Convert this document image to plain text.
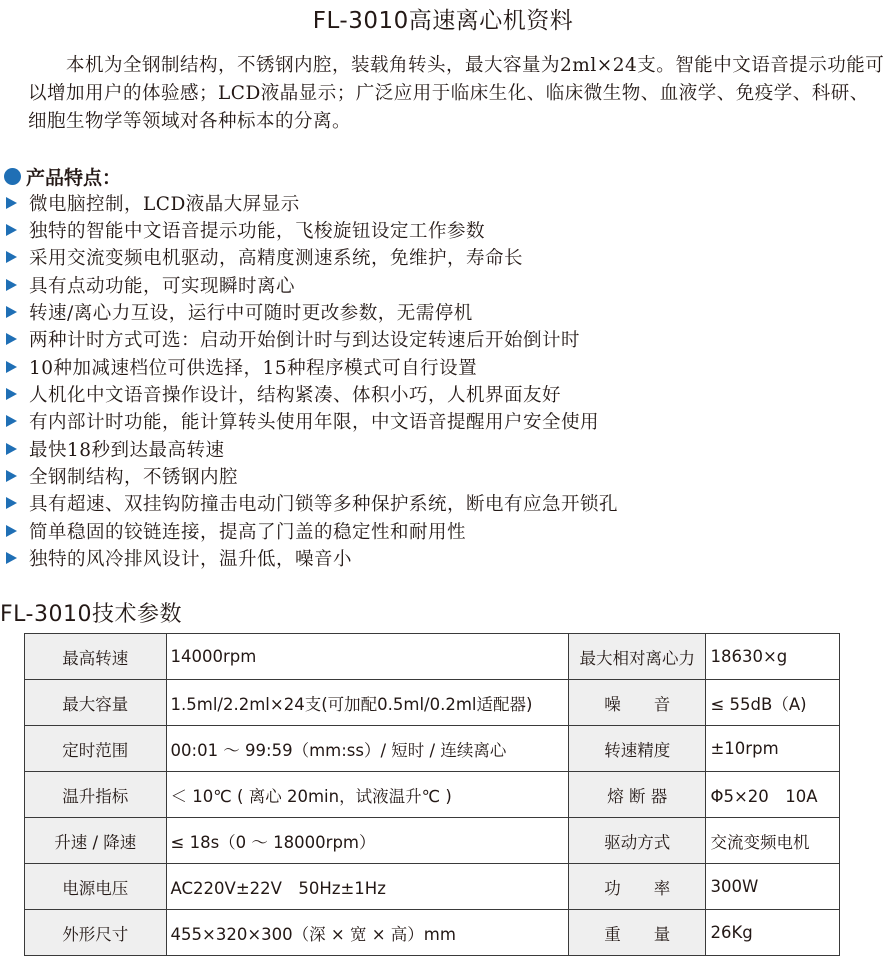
FL-3010高速离心机资料

本机为全钢制结构，不锈钢内腔，装载角转头，最大容量为2ml×24支。智能中文语音提示功能可以增加用户的体验感；LCD液晶显示；广泛应用于临床生化、临床微生物、血液学、免疫学、科研、细胞生物学等领域对各种标本的分离。

产品特点：
微电脑控制，LCD液晶大屏显示
独特的智能中文语音提示功能，飞梭旋钮设定工作参数
采用交流变频电机驱动，高精度测速系统，免维护，寿命长
具有点动功能，可实现瞬时离心
转速/离心力互设，运行中可随时更改参数，无需停机
两种计时方式可选：启动开始倒计时与到达设定转速后开始倒计时
10种加减速档位可供选择，15种程序模式可自行设置
人机化中文语音操作设计，结构紧凑、体积小巧，人机界面友好
有内部计时功能，能计算转头使用年限，中文语音提醒用户安全使用
最快18秒到达最高转速
全钢制结构，不锈钢内腔
具有超速、双挂钩防撞击电动门锁等多种保护系统，断电有应急开锁孔
简单稳固的铰链连接，提高了门盖的稳定性和耐用性
独特的风冷排风设计，温升低，噪音小
FL-3010技术参数
最高转速	14000rpm	最大相对离心力	18630×g
最大容量	1.5ml/2.2ml×24支(可加配0.5ml/0.2ml适配器)	噪　　音	≤ 55dB（A)
定时范围	00:01 ～ 99:59（mm:ss）/ 短时 / 连续离心	转速精度	±10rpm
温升指标	＜ 10℃ ( 离心 20min，试液温升℃ )	熔 断 器	Φ5×20　10A
升速 / 降速	≤ 18s（0 ～ 18000rpm）	驱动方式	交流变频电机
电源电压	AC220V±22V　50Hz±1Hz	功　　率	300W
外形尺寸	455×320×300（深 × 宽 × 高）mm	重　　量	26Kg
